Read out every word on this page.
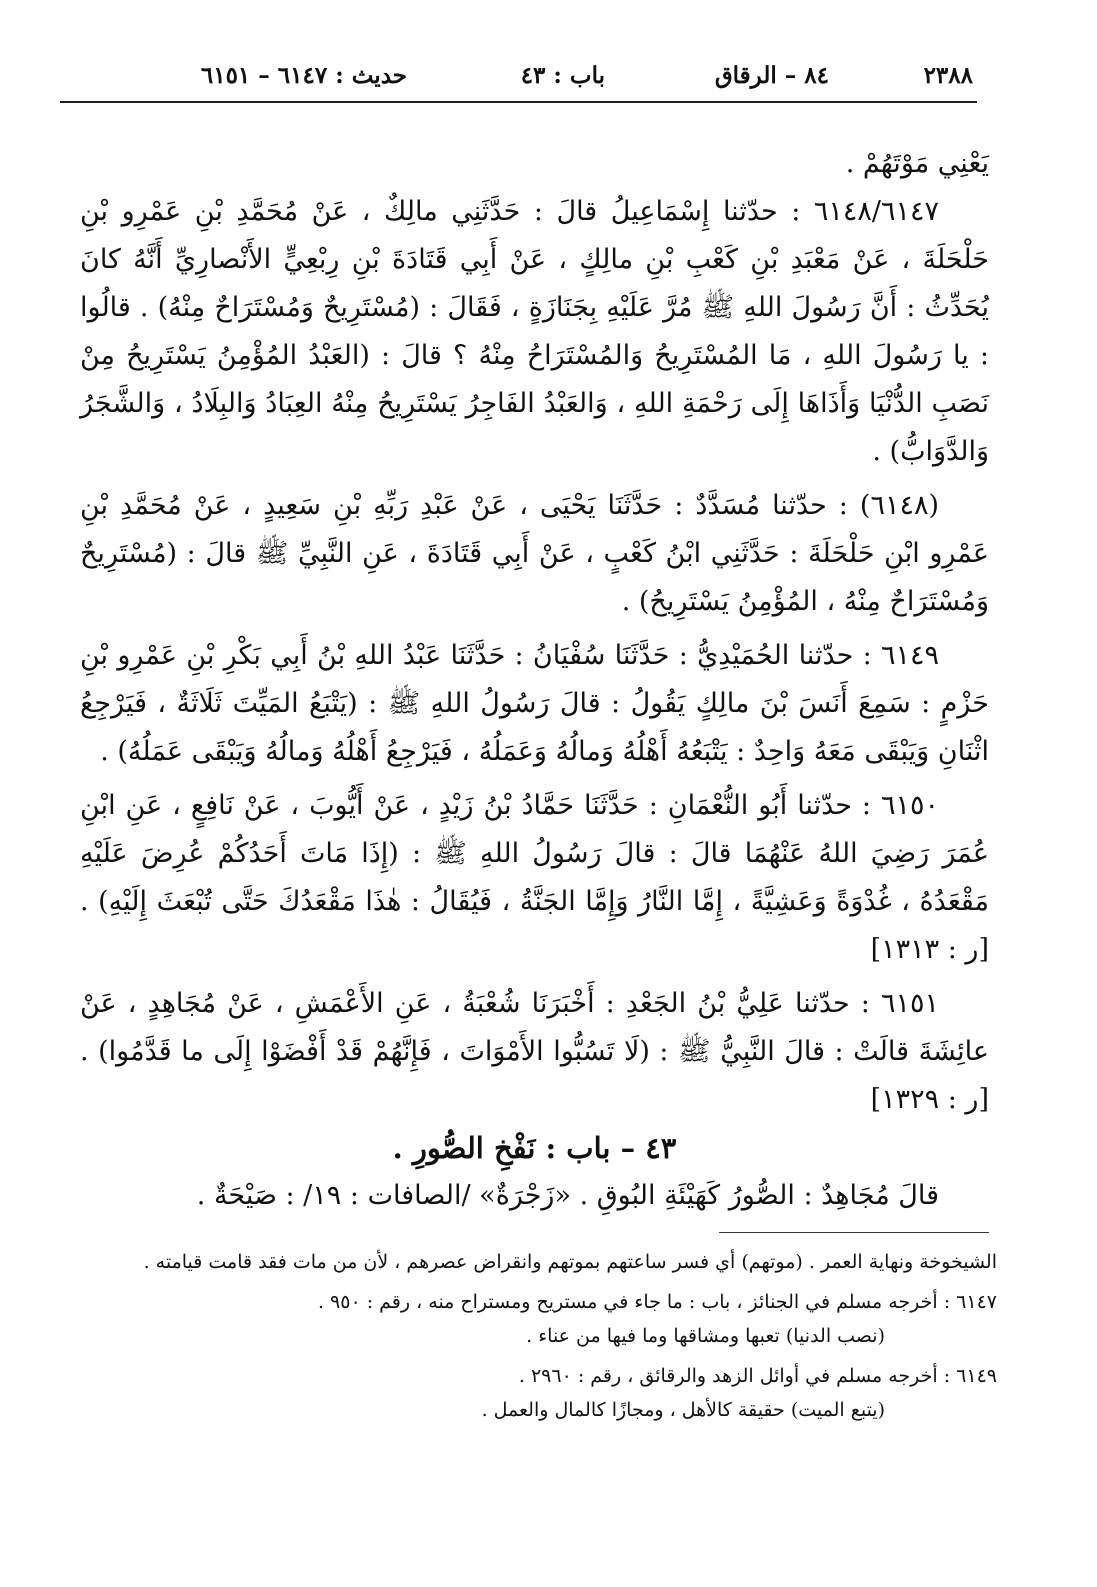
٢٣٨٨
٨٤ – الرقاق
باب : ٤٣
حديث : ٦١٤٧ – ٦١٥١

يَعْنِي مَوْتَهُمْ .

٦١٤٨/٦١٤٧ : حدّثنا إِسْمَاعِيلُ قالَ : حَدَّثَنِي مالِكٌ ، عَنْ مُحَمَّدِ بْنِ عَمْرِو بْنِ حَلْحَلَةَ ، عَنْ مَعْبَدِ بْنِ كَعْبِ بْنِ مالِكٍ ، عَنْ أَبِي قَتَادَةَ بْنِ رِبْعِيٍّ الأَنْصارِيِّ أَنَّهُ كانَ يُحَدِّثُ : أَنَّ رَسُولَ اللهِ ﷺ مُرَّ عَلَيْهِ بِجَنَازَةٍ ، فَقَالَ : (مُسْتَرِيحٌ وَمُسْتَرَاحٌ مِنْهُ) . قالُوا : يا رَسُولَ اللهِ ، مَا المُسْتَرِيحُ وَالمُسْتَرَاحُ مِنْهُ ؟ قالَ : (العَبْدُ المُؤْمِنُ يَسْتَرِيحُ مِنْ نَصَبِ الدُّنْيَا وَأَذَاهَا إِلَى رَحْمَةِ اللهِ ، وَالعَبْدُ الفَاجِرُ يَسْتَرِيحُ مِنْهُ العِبَادُ وَالبِلَادُ ، وَالشَّجَرُ وَالدَّوَابُّ) .

(٦١٤٨) : حدّثنا مُسَدَّدٌ : حَدَّثَنَا يَحْيَى ، عَنْ عَبْدِ رَبِّهِ بْنِ سَعِيدٍ ، عَنْ مُحَمَّدِ بْنِ عَمْرِو ابْنِ حَلْحَلَةَ : حَدَّثَنِي ابْنُ كَعْبٍ ، عَنْ أَبِي قَتَادَةَ ، عَنِ النَّبِيِّ ﷺ قالَ : (مُسْتَرِيحٌ وَمُسْتَرَاحٌ مِنْهُ ، المُؤْمِنُ يَسْتَرِيحُ) .

٦١٤٩ : حدّثنا الحُمَيْدِيُّ : حَدَّثَنَا سُفْيَانُ : حَدَّثَنَا عَبْدُ اللهِ بْنُ أَبِي بَكْرِ بْنِ عَمْرِو بْنِ حَزْمٍ : سَمِعَ أَنَسَ بْنَ مالِكٍ يَقُولُ : قالَ رَسُولُ اللهِ ﷺ : (يَتْبَعُ المَيِّتَ ثَلَاثَةٌ ، فَيَرْجِعُ اثْنَانِ وَيَبْقَى مَعَهُ وَاحِدٌ : يَتْبَعُهُ أَهْلُهُ وَمالُهُ وَعَمَلُهُ ، فَيَرْجِعُ أَهْلُهُ وَمالُهُ وَيَبْقَى عَمَلُهُ) .

٦١٥٠ : حدّثنا أَبُو النُّعْمَانِ : حَدَّثَنَا حَمَّادُ بْنُ زَيْدٍ ، عَنْ أَيُّوبَ ، عَنْ نَافِعٍ ، عَنِ ابْنِ عُمَرَ رَضِيَ اللهُ عَنْهُمَا قالَ : قالَ رَسُولُ اللهِ ﷺ : (إِذَا مَاتَ أَحَدُكُمْ عُرِضَ عَلَيْهِ مَقْعَدُهُ ، غُدْوَةً وَعَشِيَّةً ، إِمَّا النَّارُ وَإِمَّا الجَنَّةُ ، فَيُقَالُ : هٰذَا مَقْعَدُكَ حَتَّى تُبْعَثَ إِلَيْهِ) . [ر : ١٣١٣]

٦١٥١ : حدّثنا عَلِيُّ بْنُ الجَعْدِ : أَخْبَرَنَا شُعْبَةُ ، عَنِ الأَعْمَشِ ، عَنْ مُجَاهِدٍ ، عَنْ عائِشَةَ قالَتْ : قالَ النَّبِيُّ ﷺ : (لَا تَسُبُّوا الأَمْوَاتَ ، فَإِنَّهُمْ قَدْ أَفْضَوْا إِلَى ما قَدَّمُوا) . [ر : ١٣٢٩]

٤٣ – باب : نَفْخِ الصُّورِ .

قالَ مُجَاهِدٌ : الصُّورُ كَهَيْئَةِ البُوقِ . «زَجْرَةٌ» /الصافات : ١٩/ : صَيْحَةٌ .

الشيخوخة ونهاية العمر . (موتهم) أي فسر ساعتهم بموتهم وانقراض عصرهم ، لأن من مات فقد قامت قيامته .

٦١٤٧ : أخرجه مسلم في الجنائز ، باب : ما جاء في مستريح ومستراح منه ، رقم : ٩٥٠ .

(نصب الدنيا) تعبها ومشاقها وما فيها من عناء .

٦١٤٩ : أخرجه مسلم في أوائل الزهد والرقائق ، رقم : ٢٩٦٠ .

(يتبع الميت) حقيقة كالأهل ، ومجازًا كالمال والعمل .
